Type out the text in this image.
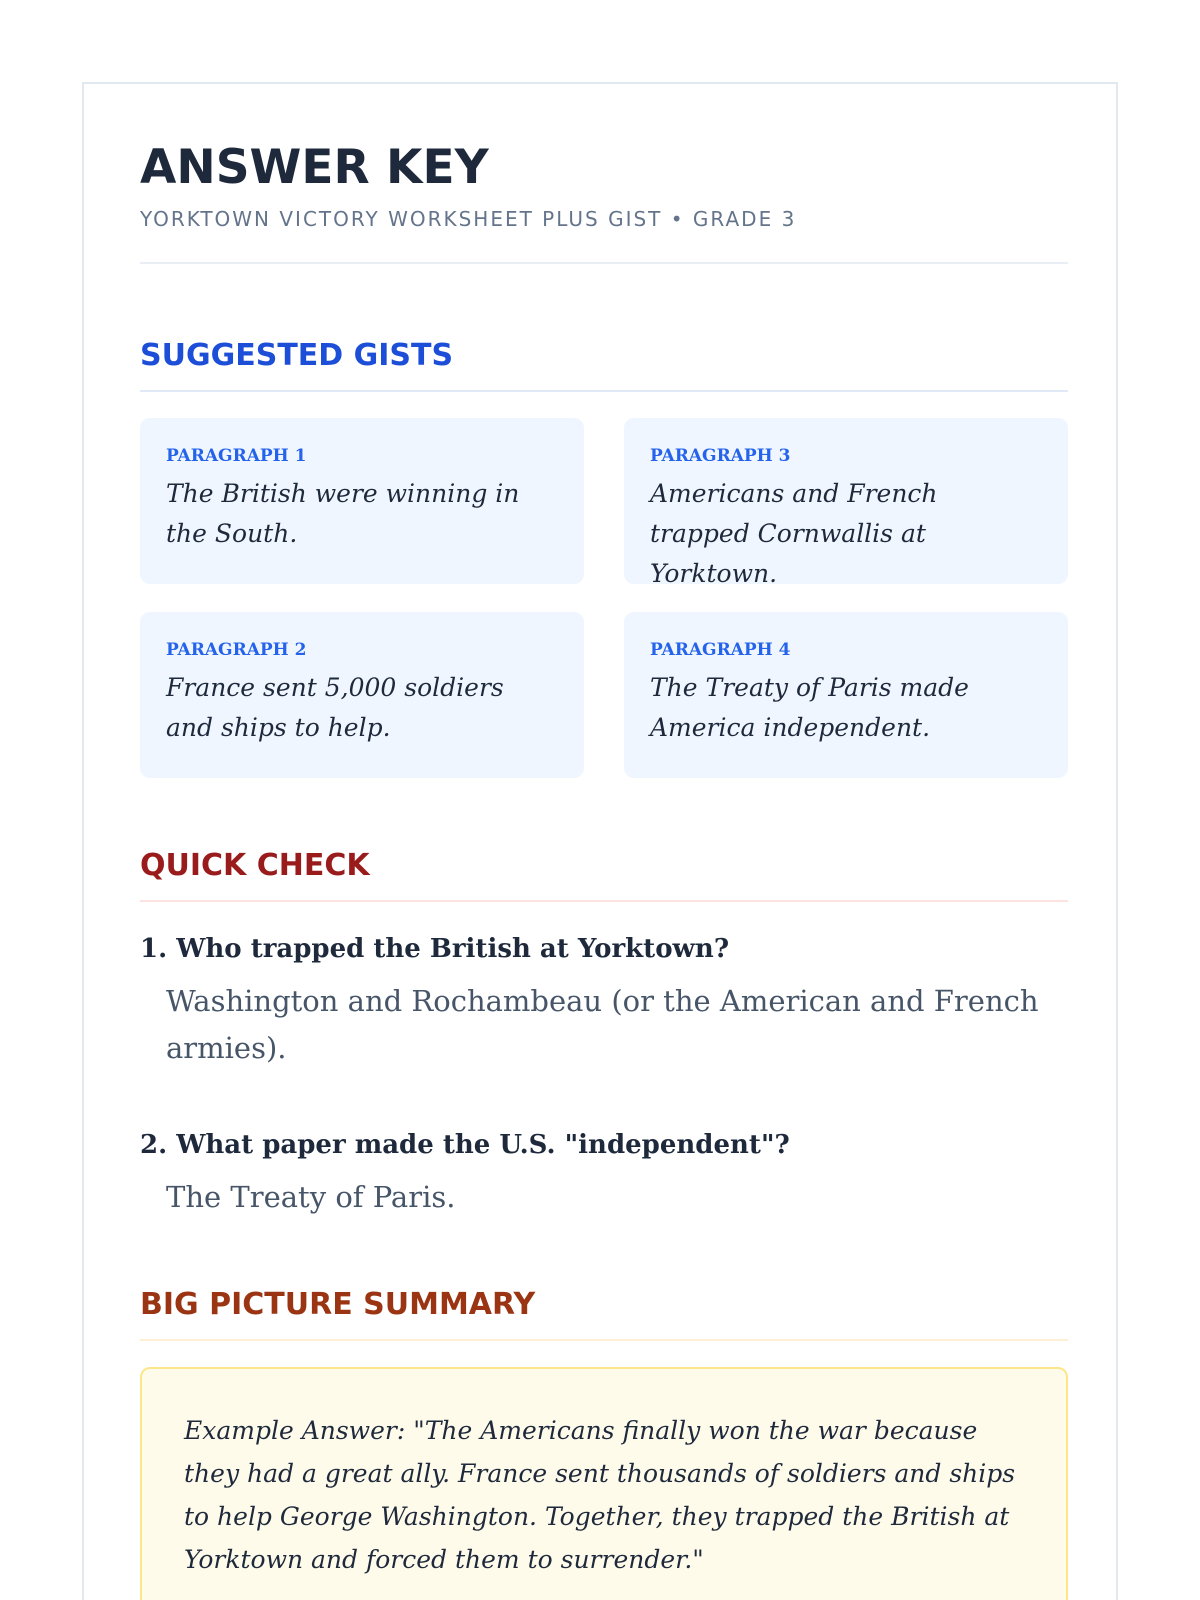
ANSWER KEY
YORKTOWN VICTORY WORKSHEET PLUS GIST • GRADE 3
SUGGESTED GISTS
PARAGRAPH 1
The British were winning in the South.
PARAGRAPH 3
Americans and French trapped Cornwallis at Yorktown.
PARAGRAPH 2
France sent 5,000 soldiers and ships to help.
PARAGRAPH 4
The Treaty of Paris made America independent.
QUICK CHECK
1. Who trapped the British at Yorktown?
Washington and Rochambeau (or the American and French armies).
2. What paper made the U.S. "independent"?
The Treaty of Paris.
BIG PICTURE SUMMARY
Example Answer: "The Americans finally won the war because they had a great ally. France sent thousands of soldiers and ships to help George Washington. Together, they trapped the British at Yorktown and forced them to surrender."
